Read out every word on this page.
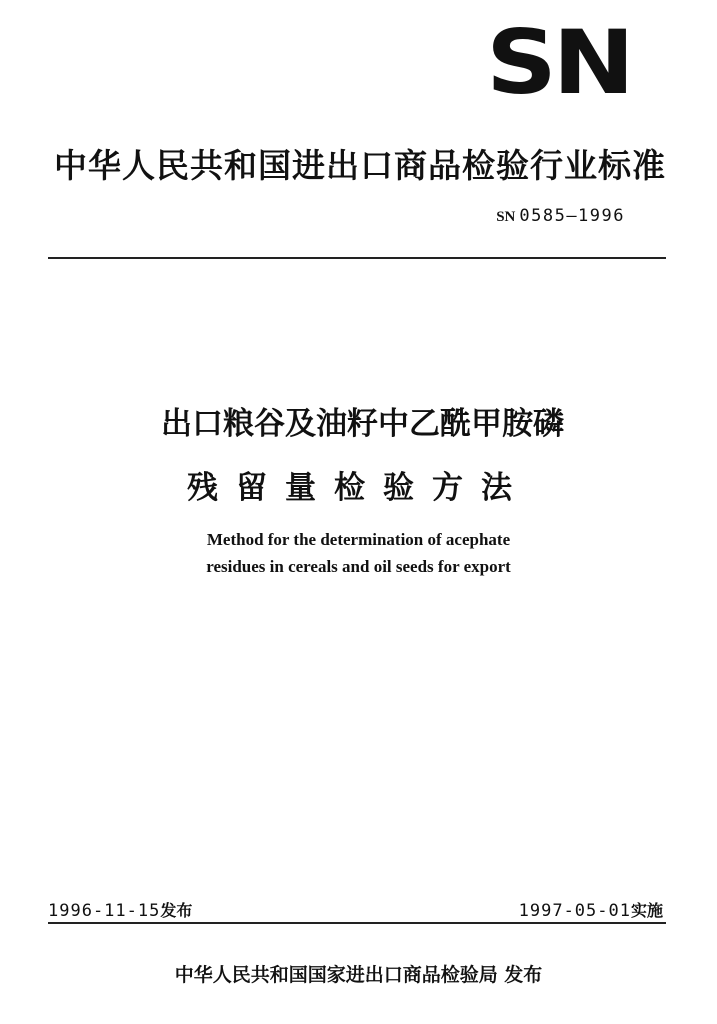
SN
中华人民共和国进出口商品检验行业标准
SN 0585—1996
出口粮谷及油籽中乙酰甲胺磷
残留量检验方法
Method for the determination of acephate
residues in cereals and oil seeds for export
1996-11-15发布	1997-05-01实施
中华人民共和国国家进出口商品检验局 发布
